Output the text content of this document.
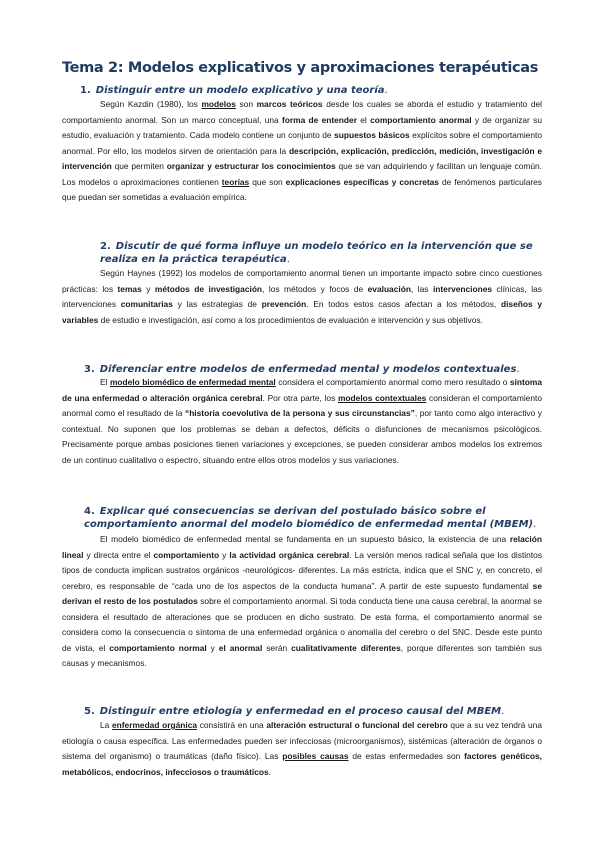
Tema 2: Modelos explicativos y aproximaciones terapéuticas
1. Distinguir entre un modelo explicativo y una teoría.
Según Kazdin (1980), los modelos son marcos teóricos desde los cuales se aborda el estudio y tratamiento del comportamiento anormal. Son un marco conceptual, una forma de entender el comportamiento anormal y de organizar su estudio, evaluación y tratamiento. Cada modelo contiene un conjunto de supuestos básicos explícitos sobre el comportamiento anormal. Por ello, los modelos sirven de orientación para la descripción, explicación, predicción, medición, investigación e intervención que permiten organizar y estructurar los conocimientos que se van adquiriendo y facilitan un lenguaje común. Los modelos o aproximaciones contienen teorías que son explicaciones específicas y concretas de fenómenos particulares que puedan ser sometidas a evaluación empírica.
2. Discutir de qué forma influye un modelo teórico en la intervención que se realiza en la práctica terapéutica.
Según Haynes (1992) los modelos de comportamiento anormal tienen un importante impacto sobre cinco cuestiones prácticas: los temas y métodos de investigación, los métodos y focos de evaluación, las intervenciones clínicas, las intervenciones comunitarias y las estrategias de prevención. En todos estos casos afectan a los métodos, diseños y variables de estudio e investigación, así como a los procedimientos de evaluación e intervención y sus objetivos.
3. Diferenciar entre modelos de enfermedad mental y modelos contextuales.
El modelo biomédico de enfermedad mental considera el comportamiento anormal como mero resultado o síntoma de una enfermedad o alteración orgánica cerebral. Por otra parte, los modelos contextuales consideran el comportamiento anormal como el resultado de la “historia coevolutiva de la persona y sus circunstancias”, por tanto como algo interactivo y contextual. No suponen que los problemas se deban a defectos, déficits o disfunciones de mecanismos psicológicos. Precisamente porque ambas posiciones tienen variaciones y excepciones, se pueden considerar ambos modelos los extremos de un continuo cualitativo o espectro, situando entre ellos otros modelos y sus variaciones.
4. Explicar qué consecuencias se derivan del postulado básico sobre el comportamiento anormal del modelo biomédico de enfermedad mental (MBEM).
El modelo biomédico de enfermedad mental se fundamenta en un supuesto básico, la existencia de una relación lineal y directa entre el comportamiento y la actividad orgánica cerebral. La versión menos radical señala que los distintos tipos de conducta implican sustratos orgánicos -neurológicos- diferentes. La más estricta, indica que el SNC y, en concreto, el cerebro, es responsable de “cada uno de los aspectos de la conducta humana”. A partir de este supuesto fundamental se derivan el resto de los postulados sobre el comportamiento anormal. Si toda conducta tiene una causa cerebral, la anormal se considera el resultado de alteraciones que se producen en dicho sustrato. De esta forma, el comportamiento anormal se considera como la consecuencia o síntoma de una enfermedad orgánica o anomalía del cerebro o del SNC. Desde este punto de vista, el comportamiento normal y el anormal serán cualitativamente diferentes, porque diferentes son también sus causas y mecanismos.
5. Distinguir entre etiología y enfermedad en el proceso causal del MBEM.
La enfermedad orgánica consistirá en una alteración estructural o funcional del cerebro que a su vez tendrá una etiología o causa específica. Las enfermedades pueden ser infecciosas (microorganismos), sistémicas (alteración de órganos o sistema del organismo) o traumáticas (daño físico). Las posibles causas de estas enfermedades son factores genéticos, metabólicos, endocrinos, infecciosos o traumáticos.
